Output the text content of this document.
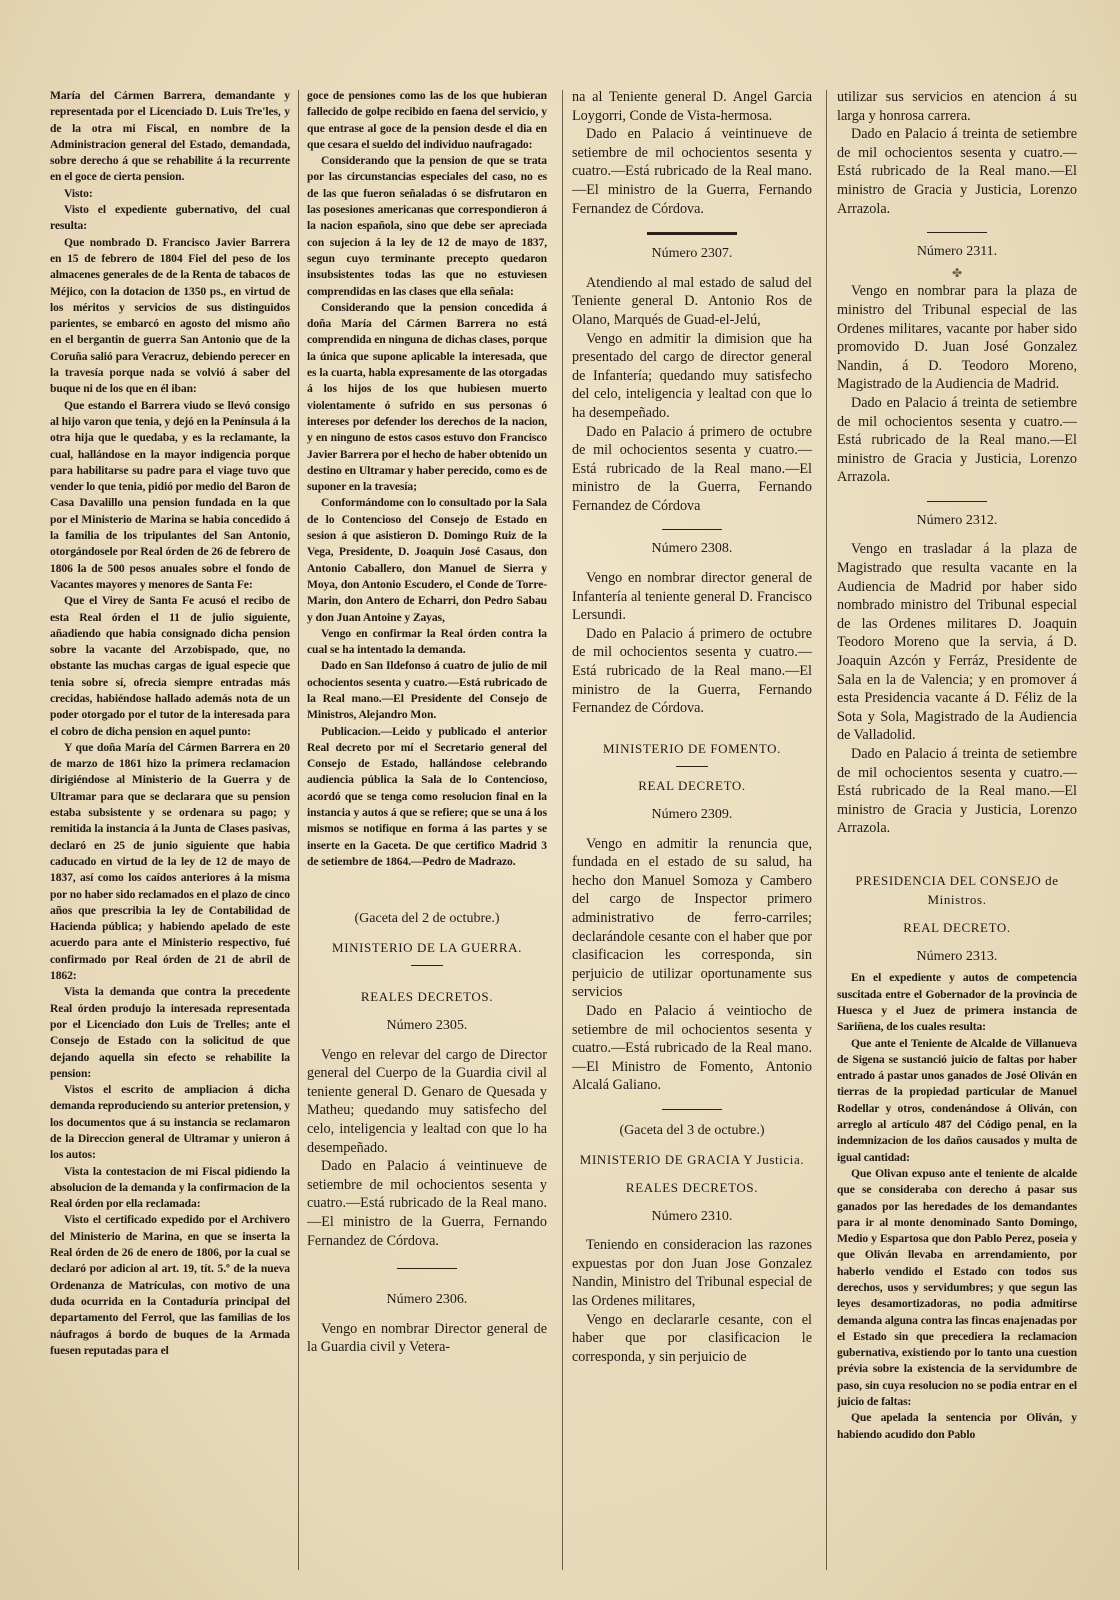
María del Cármen Barrera, demandante y representada por el Licenciado D. Luis Tre'les, y de la otra mi Fiscal, en nombre de la Administracion general del Estado, demandada, sobre derecho á que se rehabilite á la recurrente en el goce de cierta pension.

Visto:

Visto el expediente gubernativo, del cual resulta:

Que nombrado D. Francisco Javier Barrera en 15 de febrero de 1804 Fiel del peso de los almacenes generales de de la Renta de tabacos de Méjico, con la dotacion de 1350 ps., en virtud de los méritos y servicios de sus distinguidos parientes, se embarcó en agosto del mismo año en el bergantin de guerra San Antonio que de la Coruña salió para Veracruz, debiendo perecer en la travesía porque nada se volvió á saber del buque ni de los que en él iban:

Que estando el Barrera viudo se llevó consigo al hijo varon que tenia, y dejó en la Península á la otra hija que le quedaba, y es la reclamante, la cual, hallándose en la mayor indigencia porque para habilitarse su padre para el viage tuvo que vender lo que tenia, pidió por medio del Baron de Casa Davalillo una pension fundada en la que por el Ministerio de Marina se habia concedido á la familia de los tripulantes del San Antonio, otorgándosele por Real órden de 26 de febrero de 1806 la de 500 pesos anuales sobre el fondo de Vacantes mayores y menores de Santa Fe:

Que el Virey de Santa Fe acusó el recibo de esta Real órden el 11 de julio siguiente, añadiendo que habia consignado dicha pension sobre la vacante del Arzobispado, que, no obstante las muchas cargas de igual especie que tenia sobre sí, ofrecia siempre entradas más crecidas, habiéndose hallado además nota de un poder otorgado por el tutor de la interesada para el cobro de dicha pension en aquel punto:

Y que doña María del Cármen Barrera en 20 de marzo de 1861 hizo la primera reclamacion dirigiéndose al Ministerio de la Guerra y de Ultramar para que se declarara que su pension estaba subsistente y se ordenara su pago; y remitida la instancia á la Junta de Clases pasivas, declaró en 25 de junio siguiente que habia caducado en virtud de la ley de 12 de mayo de 1837, así como los caídos anteriores á la misma por no haber sido reclamados en el plazo de cinco años que prescribia la ley de Contabilidad de Hacienda pública; y habiendo apelado de este acuerdo para ante el Ministerio respectivo, fué confirmado por Real órden de 21 de abril de 1862:

Vista la demanda que contra la precedente Real órden produjo la interesada representada por el Licenciado don Luis de Trelles; ante el Consejo de Estado con la solicitud de que dejando aquella sin efecto se rehabilite la pension:

Vistos el escrito de ampliacion á dicha demanda reproduciendo su anterior pretension, y los documentos que á su instancia se reclamaron de la Direccion general de Ultramar y unieron á los autos:

Vista la contestacion de mi Fiscal pidiendo la absolucion de la demanda y la confirmacion de la Real órden por ella reclamada:

Visto el certificado expedido por el Archivero del Ministerio de Marina, en que se inserta la Real órden de 26 de enero de 1806, por la cual se declaró por adicion al art. 19, tít. 5.º de la nueva Ordenanza de Matrículas, con motivo de una duda ocurrida en la Contaduría principal del departamento del Ferrol, que las familias de los náufragos á bordo de buques de la Armada fuesen reputadas para el

goce de pensiones como las de los que hubieran fallecido de golpe recibido en faena del servicio, y que entrase al goce de la pension desde el dia en que cesara el sueldo del individuo naufragado:

Considerando que la pension de que se trata por las circunstancias especiales del caso, no es de las que fueron señaladas ó se disfrutaron en las posesiones americanas que correspondieron á la nacion española, sino que debe ser apreciada con sujecion á la ley de 12 de mayo de 1837, segun cuyo terminante precepto quedaron insubsistentes todas las que no estuviesen comprendidas en las clases que ella señala:

Considerando que la pension concedida á doña María del Cármen Barrera no está comprendida en ninguna de dichas clases, porque la única que supone aplicable la interesada, que es la cuarta, habla expresamente de las otorgadas á los hijos de los que hubiesen muerto violentamente ó sufrido en sus personas ó intereses por defender los derechos de la nacion, y en ninguno de estos casos estuvo don Francisco Javier Barrera por el hecho de haber obtenido un destino en Ultramar y haber perecido, como es de suponer en la travesía;

Conformándome con lo consultado por la Sala de lo Contencioso del Consejo de Estado en sesion á que asistieron D. Domingo Ruiz de la Vega, Presidente, D. Joaquin José Casaus, don Antonio Caballero, don Manuel de Sierra y Moya, don Antonio Escudero, el Conde de Torre-Marin, don Antero de Echarri, don Pedro Sabau y don Juan Antoine y Zayas,

Vengo en confirmar la Real órden contra la cual se ha intentado la demanda.

Dado en San Ildefonso á cuatro de julio de mil ochocientos sesenta y cuatro.—Está rubricado de la Real mano.—El Presidente del Consejo de Ministros, Alejandro Mon.

Publicacion.—Leido y publicado el anterior Real decreto por mí el Secretario general del Consejo de Estado, hallándose celebrando audiencia pública la Sala de lo Contencioso, acordó que se tenga como resolucion final en la instancia y autos á que se refiere; que se una á los mismos se notifique en forma á las partes y se inserte en la Gaceta. De que certifico Madrid 3 de setiembre de 1864.—Pedro de Madrazo.

(Gaceta del 2 de octubre.)

MINISTERIO DE LA GUERRA.

REALES DECRETOS.

Número 2305.

Vengo en relevar del cargo de Director general del Cuerpo de la Guardia civil al teniente general D. Genaro de Quesada y Matheu; quedando muy satisfecho del celo, inteligencia y lealtad con que lo ha desempeñado.

Dado en Palacio á veintinueve de setiembre de mil ochocientos sesenta y cuatro.—Está rubricado de la Real mano.—El ministro de la Guerra, Fernando Fernandez de Córdova.

Número 2306.

Vengo en nombrar Director general de la Guardia civil y Vetera-

na al Teniente general D. Angel Garcia Loygorri, Conde de Vista-hermosa.

Dado en Palacio á veintinueve de setiembre de mil ochocientos sesenta y cuatro.—Está rubricado de la Real mano.—El ministro de la Guerra, Fernando Fernandez de Córdova.

Número 2307.

Atendiendo al mal estado de salud del Teniente general D. Antonio Ros de Olano, Marqués de Guad-el-Jelú,

Vengo en admitir la dimision que ha presentado del cargo de director general de Infantería; quedando muy satisfecho del celo, inteligencia y lealtad con que lo ha desempeñado.

Dado en Palacio á primero de octubre de mil ochocientos sesenta y cuatro.—Está rubricado de la Real mano.—El ministro de la Guerra, Fernando Fernandez de Córdova

Número 2308.

Vengo en nombrar director general de Infantería al teniente general D. Francisco Lersundi.

Dado en Palacio á primero de octubre de mil ochocientos sesenta y cuatro.—Está rubricado de la Real mano.—El ministro de la Guerra, Fernando Fernandez de Córdova.

MINISTERIO DE FOMENTO.

REAL DECRETO.

Número 2309.

Vengo en admitir la renuncia que, fundada en el estado de su salud, ha hecho don Manuel Somoza y Cambero del cargo de Inspector primero administrativo de ferro-carriles; declarándole cesante con el haber que por clasificacion les corresponda, sin perjuicio de utilizar oportunamente sus servicios

Dado en Palacio á veintiocho de setiembre de mil ochocientos sesenta y cuatro.—Está rubricado de la Real mano.—El Ministro de Fomento, Antonio Alcalá Galiano.

(Gaceta del 3 de octubre.)

MINISTERIO DE GRACIA Y Justicia.

REALES DECRETOS.

Número 2310.

Teniendo en consideracion las razones expuestas por don Juan Jose Gonzalez Nandin, Ministro del Tribunal especial de las Ordenes militares,

Vengo en declararle cesante, con el haber que por clasificacion le corresponda, y sin perjuicio de

utilizar sus servicios en atencion á su larga y honrosa carrera.

Dado en Palacio á treinta de setiembre de mil ochocientos sesenta y cuatro.—Está rubricado de la Real mano.—El ministro de Gracia y Justicia, Lorenzo Arrazola.

Número 2311.

✤

Vengo en nombrar para la plaza de ministro del Tribunal especial de las Ordenes militares, vacante por haber sido promovido D. Juan José Gonzalez Nandin, á D. Teodoro Moreno, Magistrado de la Audiencia de Madrid.

Dado en Palacio á treinta de setiembre de mil ochocientos sesenta y cuatro.—Está rubricado de la Real mano.—El ministro de Gracia y Justicia, Lorenzo Arrazola.

Número 2312.

Vengo en trasladar á la plaza de Magistrado que resulta vacante en la Audiencia de Madrid por haber sido nombrado ministro del Tribunal especial de las Ordenes militares D. Joaquin Teodoro Moreno que la servia, á D. Joaquin Azcón y Ferráz, Presidente de Sala en la de Valencia; y en promover á esta Presidencia vacante á D. Féliz de la Sota y Sola, Magistrado de la Audiencia de Valladolid.

Dado en Palacio á treinta de setiembre de mil ochocientos sesenta y cuatro.—Está rubricado de la Real mano.—El ministro de Gracia y Justicia, Lorenzo Arrazola.

PRESIDENCIA DEL CONSEJO de Ministros.

REAL DECRETO.

Número 2313.

En el expediente y autos de competencia suscitada entre el Gobernador de la provincia de Huesca y el Juez de primera instancia de Sariñena, de los cuales resulta:

Que ante el Teniente de Alcalde de Villanueva de Sigena se sustanció juicio de faltas por haber entrado á pastar unos ganados de José Oliván en tierras de la propiedad particular de Manuel Rodellar y otros, condenándose á Oliván, con arreglo al artículo 487 del Código penal, en la indemnizacion de los daños causados y multa de igual cantidad:

Que Olivan expuso ante el teniente de alcalde que se consideraba con derecho á pasar sus ganados por las heredades de los demandantes para ir al monte denominado Santo Domingo, Medio y Espartosa que don Pablo Perez, poseia y que Oliván llevaba en arrendamiento, por haberlo vendido el Estado con todos sus derechos, usos y servidumbres; y que segun las leyes desamortizadoras, no podia admitirse demanda alguna contra las fincas enajenadas por el Estado sin que precediera la reclamacion gubernativa, existiendo por lo tanto una cuestion prévia sobre la existencia de la servidumbre de paso, sin cuya resolucion no se podia entrar en el juicio de faltas:

Que apelada la sentencia por Oliván, y habiendo acudido don Pablo
